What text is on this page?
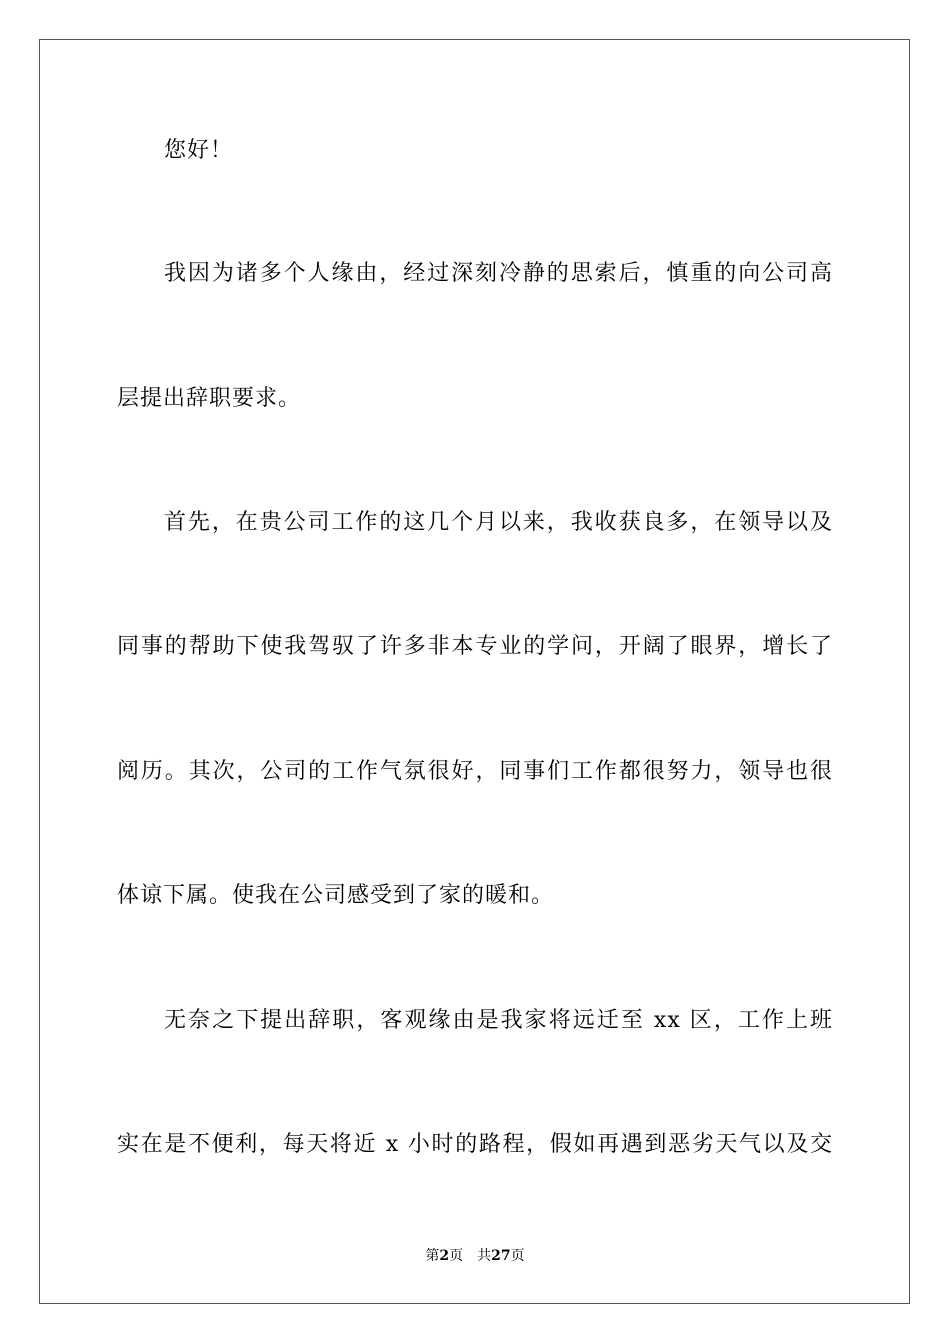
您好！
我因为诸多个人缘由，经过深刻冷静的思索后，慎重的向公司高
层提出辞职要求。
首先，在贵公司工作的这几个月以来，我收获良多，在领导以及
同事的帮助下使我驾驭了许多非本专业的学问，开阔了眼界，增长了
阅历。其次，公司的工作气氛很好，同事们工作都很努力，领导也很
体谅下属。使我在公司感受到了家的暖和。
无奈之下提出辞职，客观缘由是我家将远迁至 xx 区，工作上班
实在是不便利，每天将近 x 小时的路程，假如再遇到恶劣天气以及交
第2页 共27页
